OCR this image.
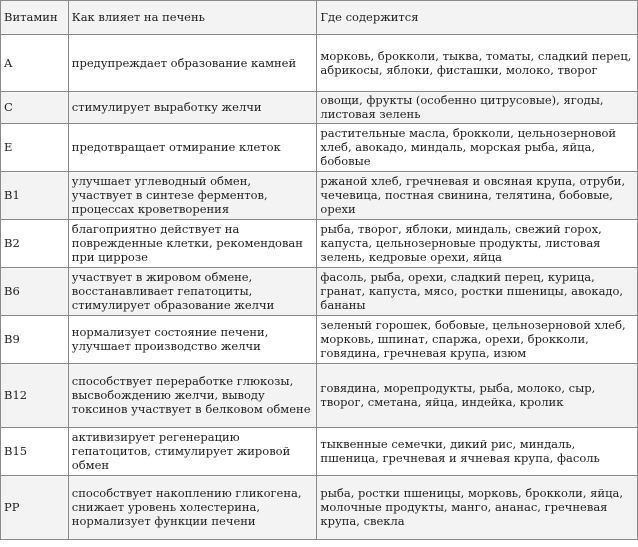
Витамин	Как влияет на печень	Где содержится
A	предупреждает образование камней	морковь, брокколи, тыква, томаты, сладкий перец, абрикосы, яблоки, фисташки, молоко, творог
C	стимулирует выработку желчи	овощи, фрукты (особенно цитрусовые), ягоды, листовая зелень
E	предотвращает отмирание клеток	растительные масла, брокколи, цельнозерновой хлеб, авокадо, миндаль, морская рыба, яйца, бобовые
B1	улучшает углеводный обмен, участвует в синтезе ферментов, процессах кроветворения	ржаной хлеб, гречневая и овсяная крупа, отруби, чечевица, постная свинина, телятина, бобовые, орехи
B2	благоприятно действует на поврежденные клетки, рекомендован при циррозе	рыба, творог, яблоки, миндаль, свежий горох, капуста, цельнозерновые продукты, листовая зелень, кедровые орехи, яйца
B6	участвует в жировом обмене, восстанавливает гепатоциты, стимулирует образование желчи	фасоль, рыба, орехи, сладкий перец, курица, гранат, капуста, мясо, ростки пшеницы, авокадо, бананы
B9	нормализует состояние печени, улучшает производство желчи	зеленый горошек, бобовые, цельнозерновой хлеб, морковь, шпинат, спаржа, орехи, брокколи, говядина, гречневая крупа, изюм
B12	способствует переработке глюкозы, высвобождению желчи, выводу токсинов участвует в белковом обмене	говядина, морепродукты, рыба, молоко, сыр, творог, сметана, яйца, индейка, кролик
B15	активизирует регенерацию гепатоцитов, стимулирует жировой обмен	тыквенные семечки, дикий рис, миндаль, пшеница, гречневая и ячневая крупа, фасоль
PP	способствует накоплению гликогена, снижает уровень холестерина, нормализует функции печени	рыба, ростки пшеницы, морковь, брокколи, яйца, молочные продукты, манго, ананас, гречневая крупа, свекла
